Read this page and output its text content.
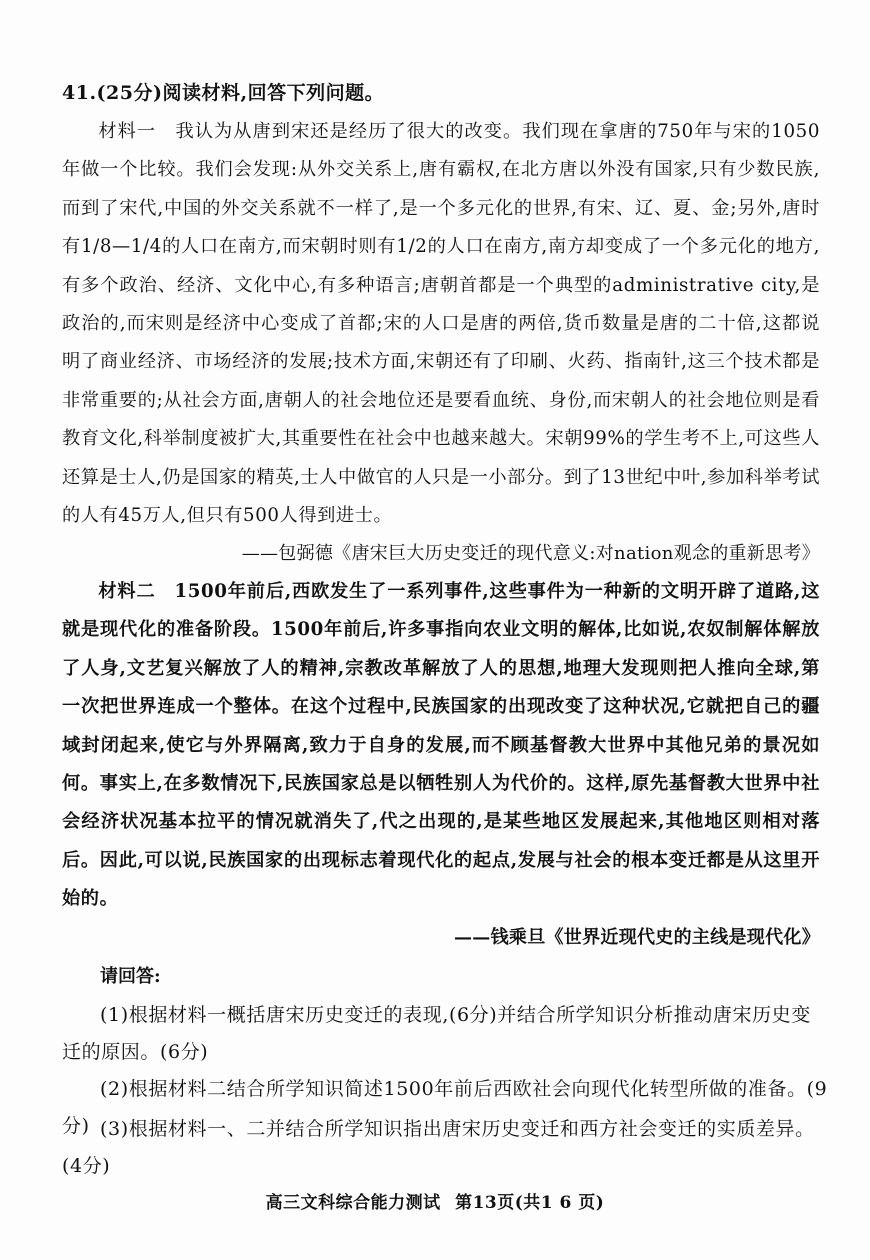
41.(25分)阅读材料,回答下列问题。

材料一　我认为从唐到宋还是经历了很大的改变。我们现在拿唐的750年与宋的1050年做一个比较。我们会发现:从外交关系上,唐有霸权,在北方唐以外没有国家,只有少数民族,而到了宋代,中国的外交关系就不一样了,是一个多元化的世界,有宋、辽、夏、金;另外,唐时有1/8—1/4的人口在南方,而宋朝时则有1/2的人口在南方,南方却变成了一个多元化的地方,有多个政治、经济、文化中心,有多种语言;唐朝首都是一个典型的administrative city,是政治的,而宋则是经济中心变成了首都;宋的人口是唐的两倍,货币数量是唐的二十倍,这都说明了商业经济、市场经济的发展;技术方面,宋朝还有了印刷、火药、指南针,这三个技术都是非常重要的;从社会方面,唐朝人的社会地位还是要看血统、身份,而宋朝人的社会地位则是看教育文化,科举制度被扩大,其重要性在社会中也越来越大。宋朝99%的学生考不上,可这些人还算是士人,仍是国家的精英,士人中做官的人只是一小部分。到了13世纪中叶,参加科举考试的人有45万人,但只有500人得到进士。

——包弼德《唐宋巨大历史变迁的现代意义:对nation观念的重新思考》

材料二　1500年前后,西欧发生了一系列事件,这些事件为一种新的文明开辟了道路,这就是现代化的准备阶段。1500年前后,许多事指向农业文明的解体,比如说,农奴制解体解放了人身,文艺复兴解放了人的精神,宗教改革解放了人的思想,地理大发现则把人推向全球,第一次把世界连成一个整体。在这个过程中,民族国家的出现改变了这种状况,它就把自己的疆域封闭起来,使它与外界隔离,致力于自身的发展,而不顾基督教大世界中其他兄弟的景况如何。事实上,在多数情况下,民族国家总是以牺牲别人为代价的。这样,原先基督教大世界中社会经济状况基本拉平的情况就消失了,代之出现的,是某些地区发展起来,其他地区则相对落后。因此,可以说,民族国家的出现标志着现代化的起点,发展与社会的根本变迁都是从这里开始的。

——钱乘旦《世界近现代史的主线是现代化》
请回答:

(1)根据材料一概括唐宋历史变迁的表现,(6分)并结合所学知识分析推动唐宋历史变迁的原因。(6分)

(2)根据材料二结合所学知识简述1500年前后西欧社会向现代化转型所做的准备。(9分) (3)根据材料一、二并结合所学知识指出唐宋历史变迁和西方社会变迁的实质差异。(4分)

高三文科综合能力测试 第13页(共1 6 页)
